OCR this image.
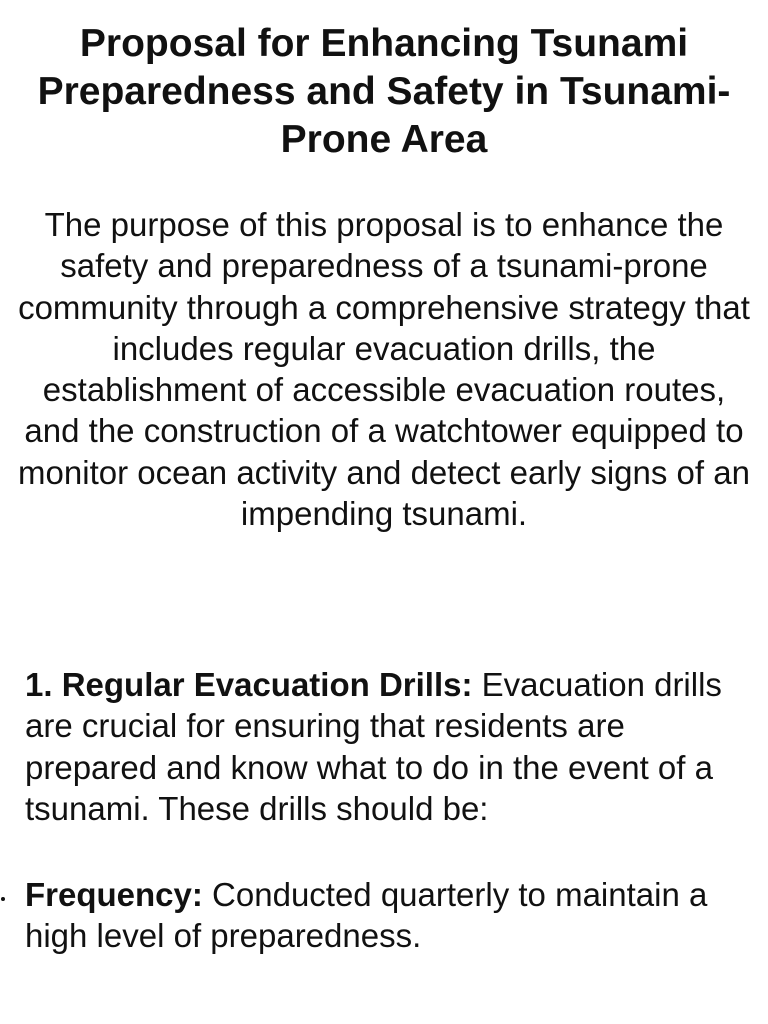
Proposal for Enhancing Tsunami Preparedness and Safety in Tsunami-Prone Area

The purpose of this proposal is to enhance the safety and preparedness of a tsunami-prone community through a comprehensive strategy that includes regular evacuation drills, the establishment of accessible evacuation routes, and the construction of a watchtower equipped to monitor ocean activity and detect early signs of an impending tsunami.

1. Regular Evacuation Drills: Evacuation drills are crucial for ensuring that residents are prepared and know what to do in the event of a tsunami. These drills should be:

Frequency: Conducted quarterly to maintain a high level of preparedness.
